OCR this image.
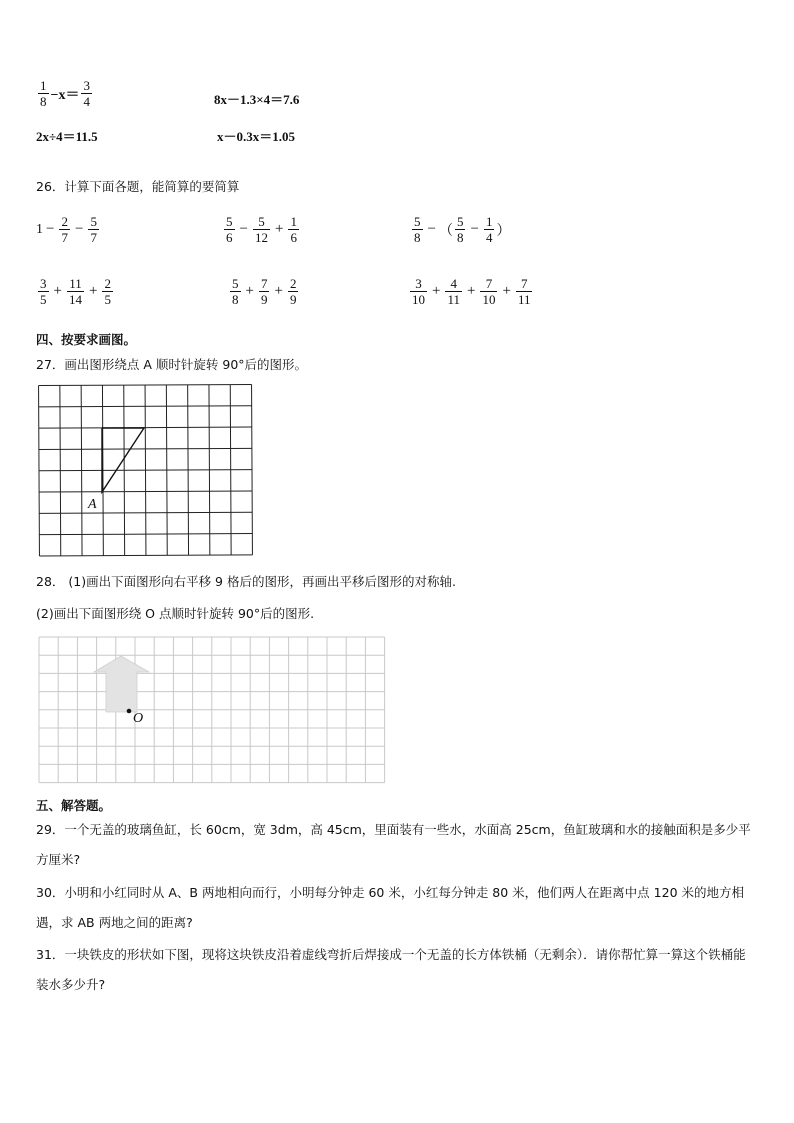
$\frac{1}{8} -x= \frac{3}{4}$	8x－1.3×4＝7.6
2x÷4＝11.5	x－0.3x＝1.05
26．计算下面各题，能简算的要简算
$1 - \frac{2}{7} - \frac{5}{7}$	$\frac{5}{6} - \frac{5}{12} + \frac{1}{6}$	$\frac{5}{8}$ − （ $\frac{5}{8} - \frac{1}{4}$ ）
$\frac{3}{5} + \frac{11}{14} + \frac{2}{5}$	$\frac{5}{8} + \frac{7}{9} + \frac{2}{9}$	$\frac{3}{10} + \frac{4}{11} + \frac{7}{10} + \frac{7}{11}$
四、按要求画图。
27．画出图形绕点 A 顺时针旋转 90°后的图形。
A
28． (1)画出下面图形向右平移 9 格后的图形，再画出平移后图形的对称轴.
(2)画出下面图形绕 O 点顺时针旋转 90°后的图形.
O
五、解答题。
29．一个无盖的玻璃鱼缸，长 60cm，宽 3dm，高 45cm，里面装有一些水，水面高 25cm，鱼缸玻璃和水的接触面积是多少平方厘米?
30．小明和小红同时从 A、B 两地相向而行，小明每分钟走 60 米，小红每分钟走 80 米，他们两人在距离中点 120 米的地方相遇，求 AB 两地之间的距离?
31．一块铁皮的形状如下图，现将这块铁皮沿着虚线弯折后焊接成一个无盖的长方体铁桶（无剩余）．请你帮忙算一算这个铁桶能装水多少升?
